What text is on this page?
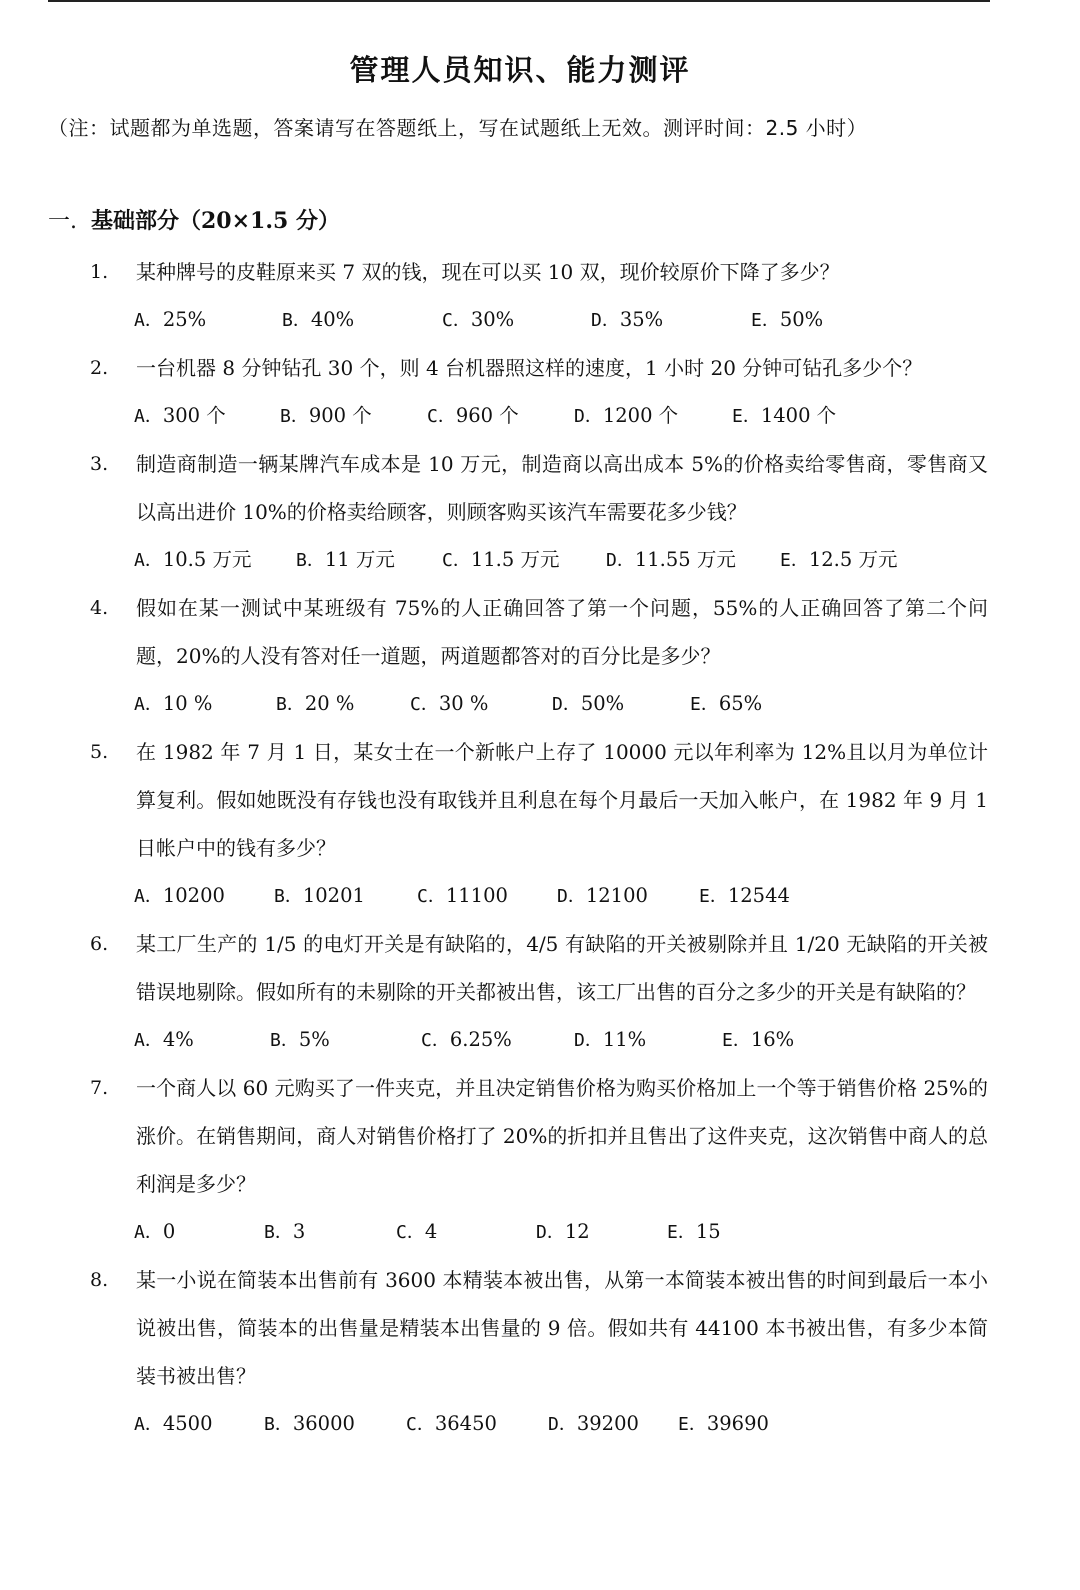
管理人员知识、能力测评
（注：试题都为单选题，答案请写在答题纸上，写在试题纸上无效。测评时间：2.5 小时）
一. 基础部分（20×1.5 分）
1. 某种牌号的皮鞋原来买 7 双的钱，现在可以买 10 双，现价较原价下降了多少？
A．25%	B．40%	C．30%	D．35%	E．50%
2. 一台机器 8 分钟钻孔 30 个，则 4 台机器照这样的速度，1 小时 20 分钟可钻孔多少个？
A．300 个	B．900 个	C．960 个	D．1200 个	E．1400 个
3. 制造商制造一辆某牌汽车成本是 10 万元，制造商以高出成本 5%的价格卖给零售商，零售商又以高出进价 10%的价格卖给顾客，则顾客购买该汽车需要花多少钱？
A．10.5 万元 B．11 万元	C．11.5 万元	D．11.55 万元 E．12.5 万元
4. 假如在某一测试中某班级有 75%的人正确回答了第一个问题，55%的人正确回答了第二个问题，20%的人没有答对任一道题，两道题都答对的百分比是多少？
A．10 %	B．20 %	C．30 %	D．50%	E．65%
5. 在 1982 年 7 月 1 日，某女士在一个新帐户上存了 10000 元以年利率为 12%且以月为单位计算复利。假如她既没有存钱也没有取钱并且利息在每个月最后一天加入帐户，在 1982 年 9 月 1 日帐户中的钱有多少？
A．10200	B．10201	C．11100	D．12100	E．12544
6. 某工厂生产的 1/5 的电灯开关是有缺陷的，4/5 有缺陷的开关被剔除并且 1/20 无缺陷的开关被错误地剔除。假如所有的未剔除的开关都被出售，该工厂出售的百分之多少的开关是有缺陷的？
A．4%	B．5%	C．6.25%	D．11%	E．16%
7. 一个商人以 60 元购买了一件夹克，并且决定销售价格为购买价格加上一个等于销售价格 25%的涨价。在销售期间，商人对销售价格打了 20%的折扣并且售出了这件夹克，这次销售中商人的总利润是多少？
A．0	B．3	C．4	D．12	E．15
8. 某一小说在简装本出售前有 3600 本精装本被出售，从第一本简装本被出售的时间到最后一本小说被出售，简装本的出售量是精装本出售量的 9 倍。假如共有 44100 本书被出售，有多少本简装书被出售？
A．4500	B．36000	C．36450	D．39200 E．39690
